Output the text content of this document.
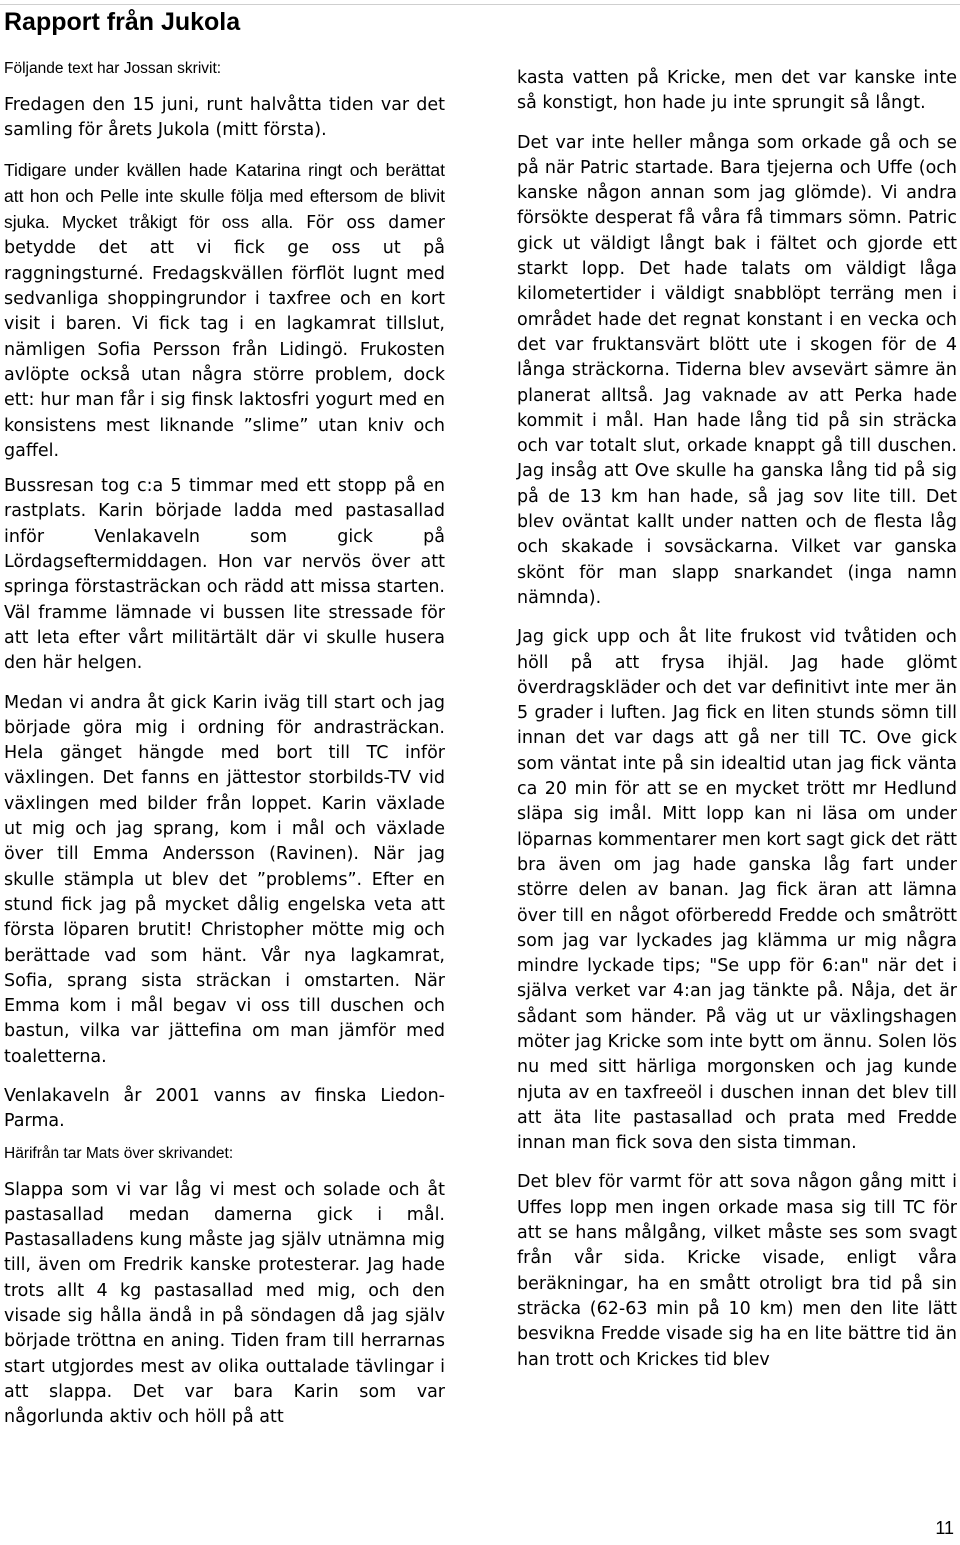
Rapport från Jukola

Följande text har Jossan skrivit:

Fredagen den 15 juni, runt halvåtta tiden var det samling för årets Jukola (mitt första).

Tidigare under kvällen hade Katarina ringt och berättat att hon och Pelle inte skulle följa med eftersom de blivit sjuka. Mycket tråkigt för oss alla. För oss damer betydde det att vi fick ge oss ut på raggningsturné. Fredagskvällen förflöt lugnt med sedvanliga shoppingrundor i taxfree och en kort visit i baren. Vi fick tag i en lagkamrat tillslut, nämligen Sofia Persson från Lidingö. Frukosten avlöpte också utan några större problem, dock ett: hur man får i sig finsk laktosfri yogurt med en konsistens mest liknande ”slime” utan kniv och gaffel.

Bussresan tog c:a 5 timmar med ett stopp på en rastplats. Karin började ladda med pastasallad inför Venlakaveln som gick på Lördagseftermiddagen. Hon var nervös över att springa förstasträckan och rädd att missa starten. Väl framme lämnade vi bussen lite stressade för att leta efter vårt militärtält där vi skulle husera den här helgen.

Medan vi andra åt gick Karin iväg till start och jag började göra mig i ordning för andrasträckan. Hela gänget hängde med bort till TC inför växlingen. Det fanns en jättestor storbilds-TV vid växlingen med bilder från loppet. Karin växlade ut mig och jag sprang, kom i mål och växlade över till Emma Andersson (Ravinen). När jag skulle stämpla ut blev det ”problems”. Efter en stund fick jag på mycket dålig engelska veta att första löparen brutit! Christopher mötte mig och berättade vad som hänt. Vår nya lagkamrat, Sofia, sprang sista sträckan i omstarten. När Emma kom i mål begav vi oss till duschen och bastun, vilka var jättefina om man jämför med toaletterna.

Venlakaveln år 2001 vanns av finska Liedon-Parma.

Härifrån tar Mats över skrivandet:

Slappa som vi var låg vi mest och solade och åt pastasallad medan damerna gick i mål. Pastasalladens kung måste jag själv utnämna mig till, även om Fredrik kanske protesterar. Jag hade trots allt 4 kg pastasallad med mig, och den visade sig hålla ändå in på söndagen då jag själv började tröttna en aning. Tiden fram till herrarnas start utgjordes mest av olika outtalade tävlingar i att slappa. Det var bara Karin som var någorlunda aktiv och höll på att

kasta vatten på Kricke, men det var kanske inte så konstigt, hon hade ju inte sprungit så långt.

Det var inte heller många som orkade gå och se på när Patric startade. Bara tjejerna och Uffe (och kanske någon annan som jag glömde). Vi andra försökte desperat få våra få timmars sömn. Patric gick ut väldigt långt bak i fältet och gjorde ett starkt lopp. Det hade talats om väldigt låga kilometertider i väldigt snabblöpt terräng men i området hade det regnat konstant i en vecka och det var fruktansvärt blött ute i skogen för de 4 långa sträckorna. Tiderna blev avsevärt sämre än planerat alltså. Jag vaknade av att Perka hade kommit i mål. Han hade lång tid på sin sträcka och var totalt slut, orkade knappt gå till duschen. Jag insåg att Ove skulle ha ganska lång tid på sig på de 13 km han hade, så jag sov lite till. Det blev oväntat kallt under natten och de flesta låg och skakade i sovsäckarna. Vilket var ganska skönt för man slapp snarkandet (inga namn nämnda).

Jag gick upp och åt lite frukost vid tvåtiden och höll på att frysa ihjäl. Jag hade glömt överdragskläder och det var definitivt inte mer än 5 grader i luften. Jag fick en liten stunds sömn till innan det var dags att gå ner till TC. Ove gick som väntat inte på sin idealtid utan jag fick vänta ca 20 min för att se en mycket trött mr Hedlund släpa sig imål. Mitt lopp kan ni läsa om under löparnas kommentarer men kort sagt gick det rätt bra även om jag hade ganska låg fart under större delen av banan. Jag fick äran att lämna över till en något oförberedd Fredde och småtrött som jag var lyckades jag klämma ur mig några mindre lyckade tips; "Se upp för 6:an" när det i själva verket var 4:an jag tänkte på. Nåja, det är sådant som händer. På väg ut ur växlingshagen möter jag Kricke som inte bytt om ännu. Solen lös nu med sitt härliga morgonsken och jag kunde njuta av en taxfreeöl i duschen innan det blev till att äta lite pastasallad och prata med Fredde innan man fick sova den sista timman.

Det blev för varmt för att sova någon gång mitt i Uffes lopp men ingen orkade masa sig till TC för att se hans målgång, vilket måste ses som svagt från vår sida. Kricke visade, enligt våra beräkningar, ha en smått otroligt bra tid på sin sträcka (62-63 min på 10 km) men den lite lätt besvikna Fredde visade sig ha en lite bättre tid än han trott och Krickes tid blev

11
